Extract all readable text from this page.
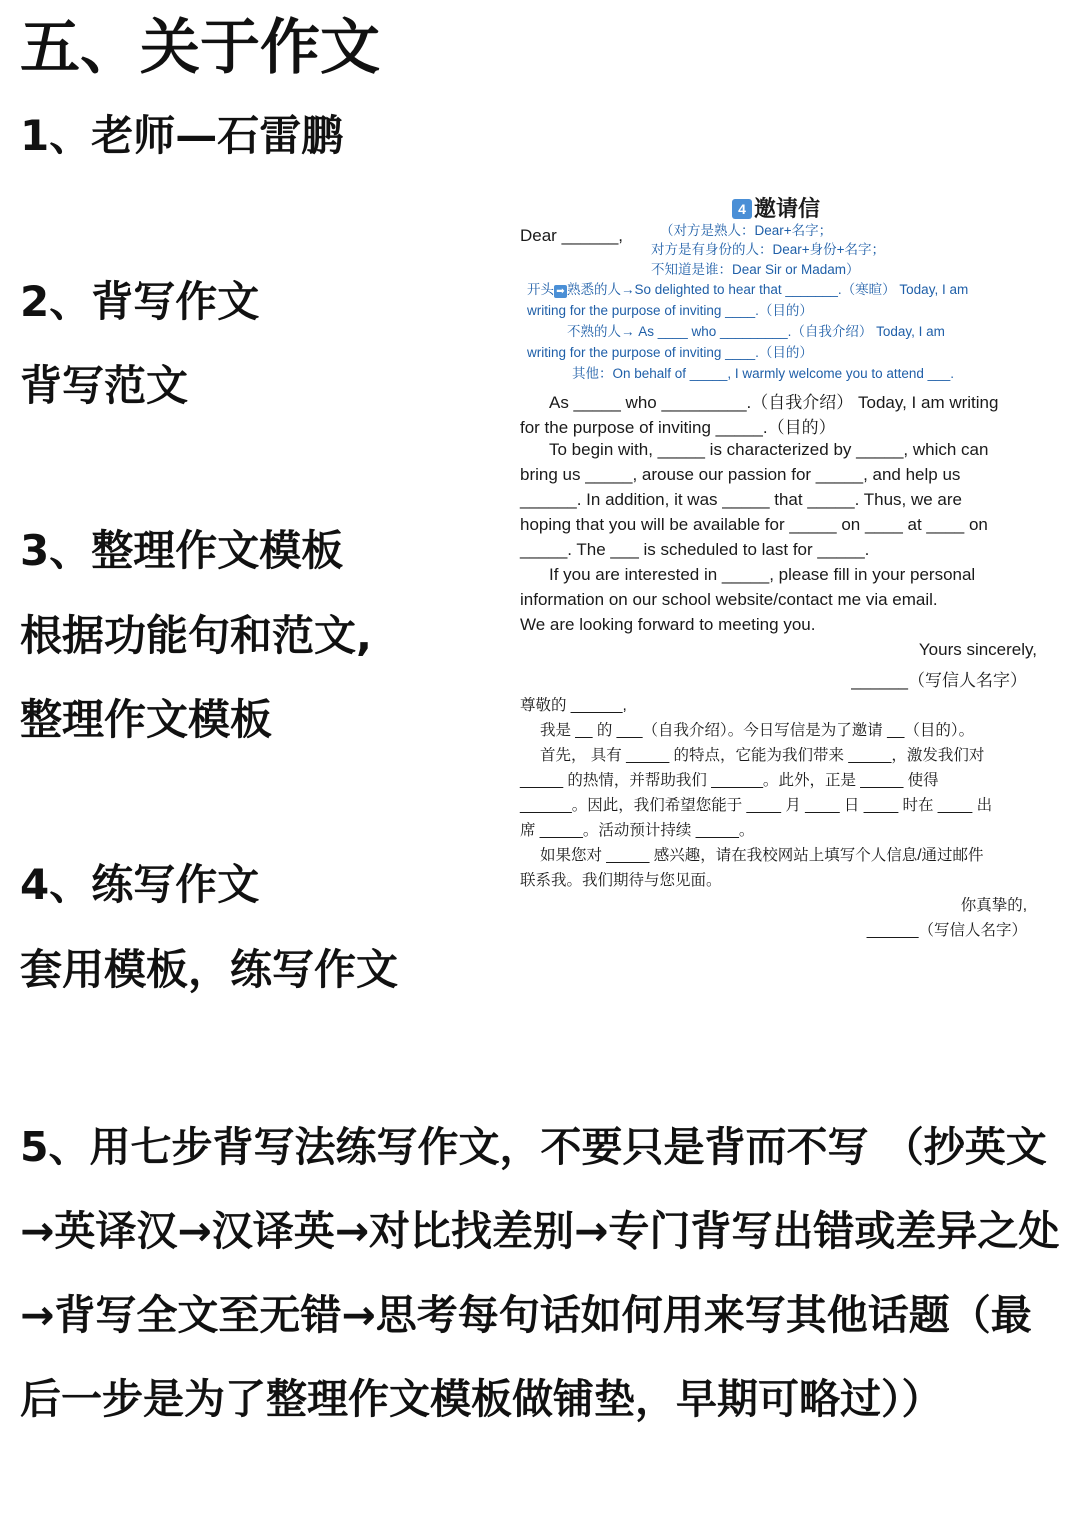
五、关于作文
1、老师—石雷鹏
2、背写作文
背写范文
3、整理作文模板
根据功能句和范文,
整理作文模板
4、练写作文
套用模板，练写作文
5、用七步背写法练写作文，不要只是背而不写 （抄英文→英译汉→汉译英→对比找差别→专门背写出错或差异之处→背写全文至无错→思考每句话如何用来写其他话题（最后一步是为了整理作文模板做铺垫，早期可略过））
4 邀请信
Dear ______,	（对方是熟人：Dear+名字；
对方是有身份的人：Dear+身份+名字；
不知道是谁：Dear Sir or Madam）
开头 ➡ 熟悉的人→So delighted to hear that _______.（寒暄） Today, I am
writing for the purpose of inviting ____.（目的）
不熟的人→ As ____ who _________.（自我介绍） Today, I am
writing for the purpose of inviting ____.（目的）
其他：On behalf of _____, I warmly welcome you to attend ___.
As _____ who _________.（自我介绍） Today, I am writing
for the purpose of inviting _____.（目的）
To begin with, _____ is characterized by _____, which can
bring us _____, arouse our passion for _____, and help us
______. In addition, it was _____ that _____. Thus, we are
hoping that you will be available for _____ on ____ at ____ on
_____. The ___ is scheduled to last for _____.
If you are interested in _____, please fill in your personal
information on our school website/contact me via email.
We are looking forward to meeting you.
Yours sincerely,
______（写信人名字）
尊敬的 ______,
我是 __ 的 ___（自我介绍）。今日写信是为了邀请 __（目的）。
首先， 具有 _____ 的特点，它能为我们带来 _____，激发我们对
_____ 的热情，并帮助我们 ______。此外，正是 _____ 使得
______。因此，我们希望您能于 ____ 月 ____ 日 ____ 时在 ____ 出
席 _____。活动预计持续 _____。
如果您对 _____ 感兴趣，请在我校网站上填写个人信息/通过邮件
联系我。我们期待与您见面。
你真挚的,
______（写信人名字）
